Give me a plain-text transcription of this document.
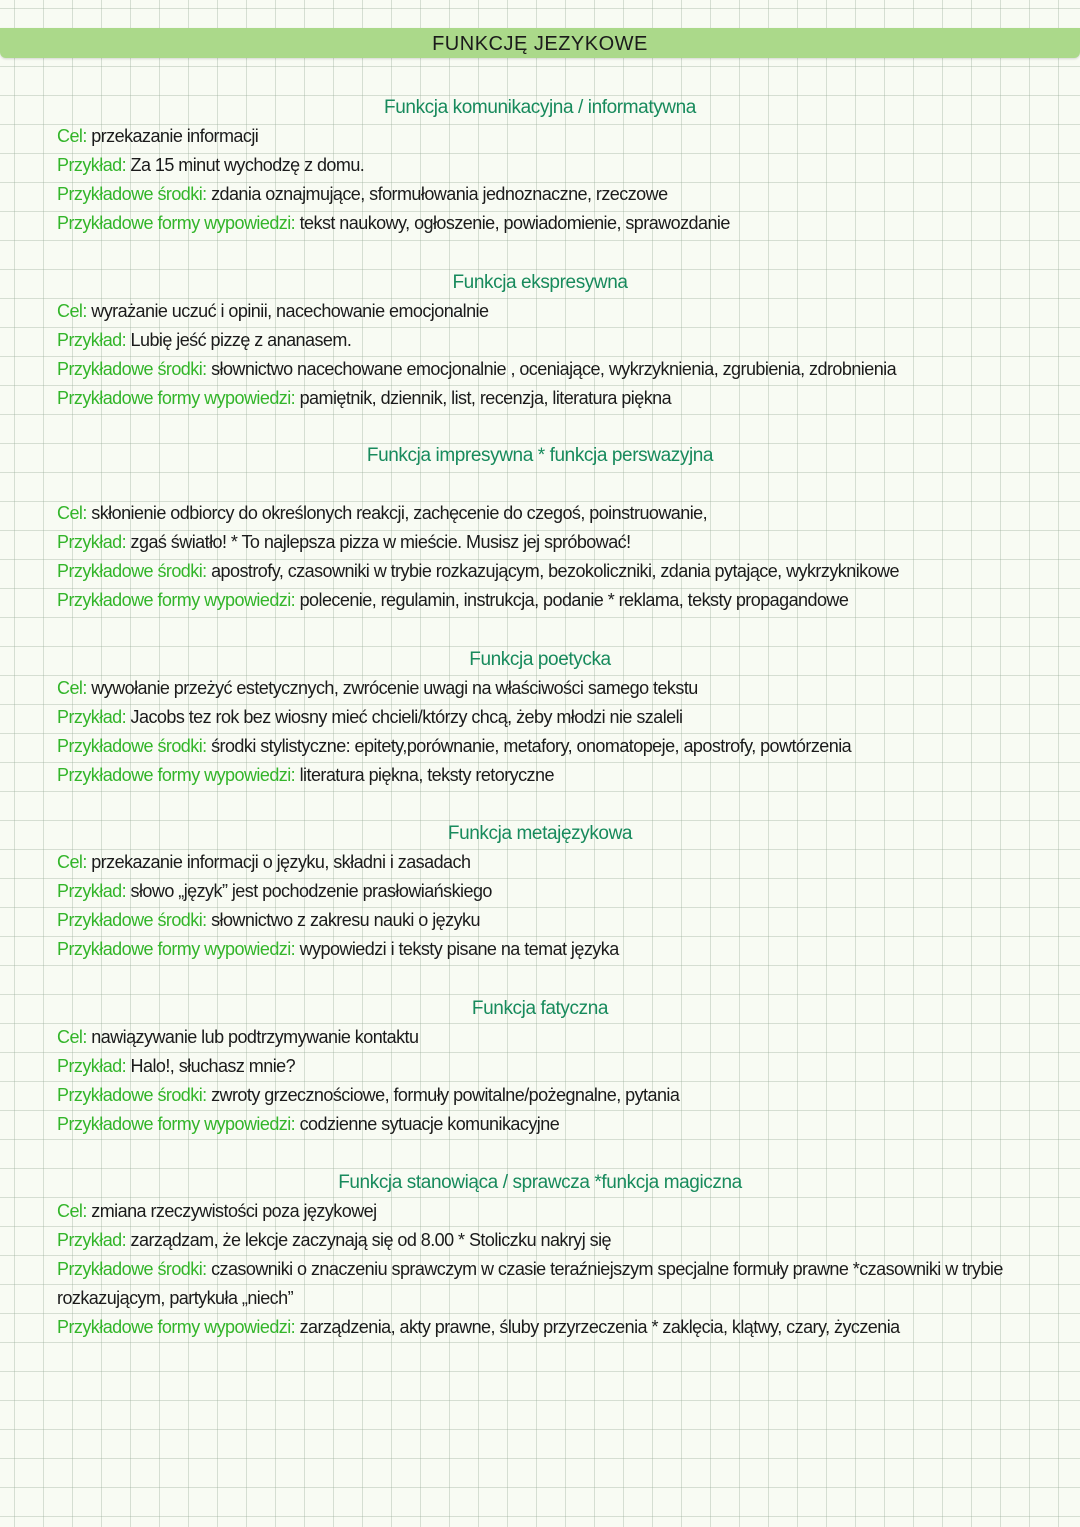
FUNKCJĘ JEZYKOWE
Funkcja komunikacyjna / informatywna
Cel: przekazanie informacji
Przykład: Za 15 minut wychodzę z domu.
Przykładowe środki: zdania oznajmujące, sformułowania jednoznaczne, rzeczowe
Przykładowe formy wypowiedzi: tekst naukowy, ogłoszenie, powiadomienie, sprawozdanie
Funkcja ekspresywna
Cel: wyrażanie uczuć i opinii, nacechowanie emocjonalnie
Przykład: Lubię jeść pizzę z ananasem.
Przykładowe środki: słownictwo nacechowane emocjonalnie , oceniające, wykrzyknienia, zgrubienia, zdrobnienia
Przykładowe formy wypowiedzi: pamiętnik, dziennik, list, recenzja, literatura piękna
Funkcja impresywna * funkcja perswazyjna
Cel: skłonienie odbiorcy do określonych reakcji, zachęcenie do czegoś, poinstruowanie,
Przykład: zgaś światło! * To najlepsza pizza w mieście. Musisz jej spróbować!
Przykładowe środki: apostrofy, czasowniki w trybie rozkazującym, bezokoliczniki, zdania pytające, wykrzyknikowe
Przykładowe formy wypowiedzi: polecenie, regulamin, instrukcja, podanie * reklama, teksty propagandowe
Funkcja poetycka
Cel: wywołanie przeżyć estetycznych, zwrócenie uwagi na właściwości samego tekstu
Przykład: Jacobs tez rok bez wiosny mieć chcieli/którzy chcą, żeby młodzi nie szaleli
Przykładowe środki: środki stylistyczne: epitety,porównanie, metafory, onomatopeje, apostrofy, powtórzenia
Przykładowe formy wypowiedzi: literatura piękna, teksty retoryczne
Funkcja metajęzykowa
Cel: przekazanie informacji o języku, składni i zasadach
Przykład: słowo „język” jest pochodzenie prasłowiańskiego
Przykładowe środki: słownictwo z zakresu nauki o języku
Przykładowe formy wypowiedzi: wypowiedzi i teksty pisane na temat języka
Funkcja fatyczna
Cel: nawiązywanie lub podtrzymywanie kontaktu
Przykład: Halo!, słuchasz mnie?
Przykładowe środki: zwroty grzecznościowe, formuły powitalne/pożegnalne, pytania
Przykładowe formy wypowiedzi: codzienne sytuacje komunikacyjne
Funkcja stanowiąca / sprawcza *funkcja magiczna
Cel: zmiana rzeczywistości poza językowej
Przykład: zarządzam, że lekcje zaczynają się od 8.00 * Stoliczku nakryj się
Przykładowe środki: czasowniki o znaczeniu sprawczym w czasie teraźniejszym specjalne formuły prawne *czasowniki w trybie rozkazującym, partykuła „niech”
Przykładowe formy wypowiedzi: zarządzenia, akty prawne, śluby przyrzeczenia * zaklęcia, klątwy, czary, życzenia
